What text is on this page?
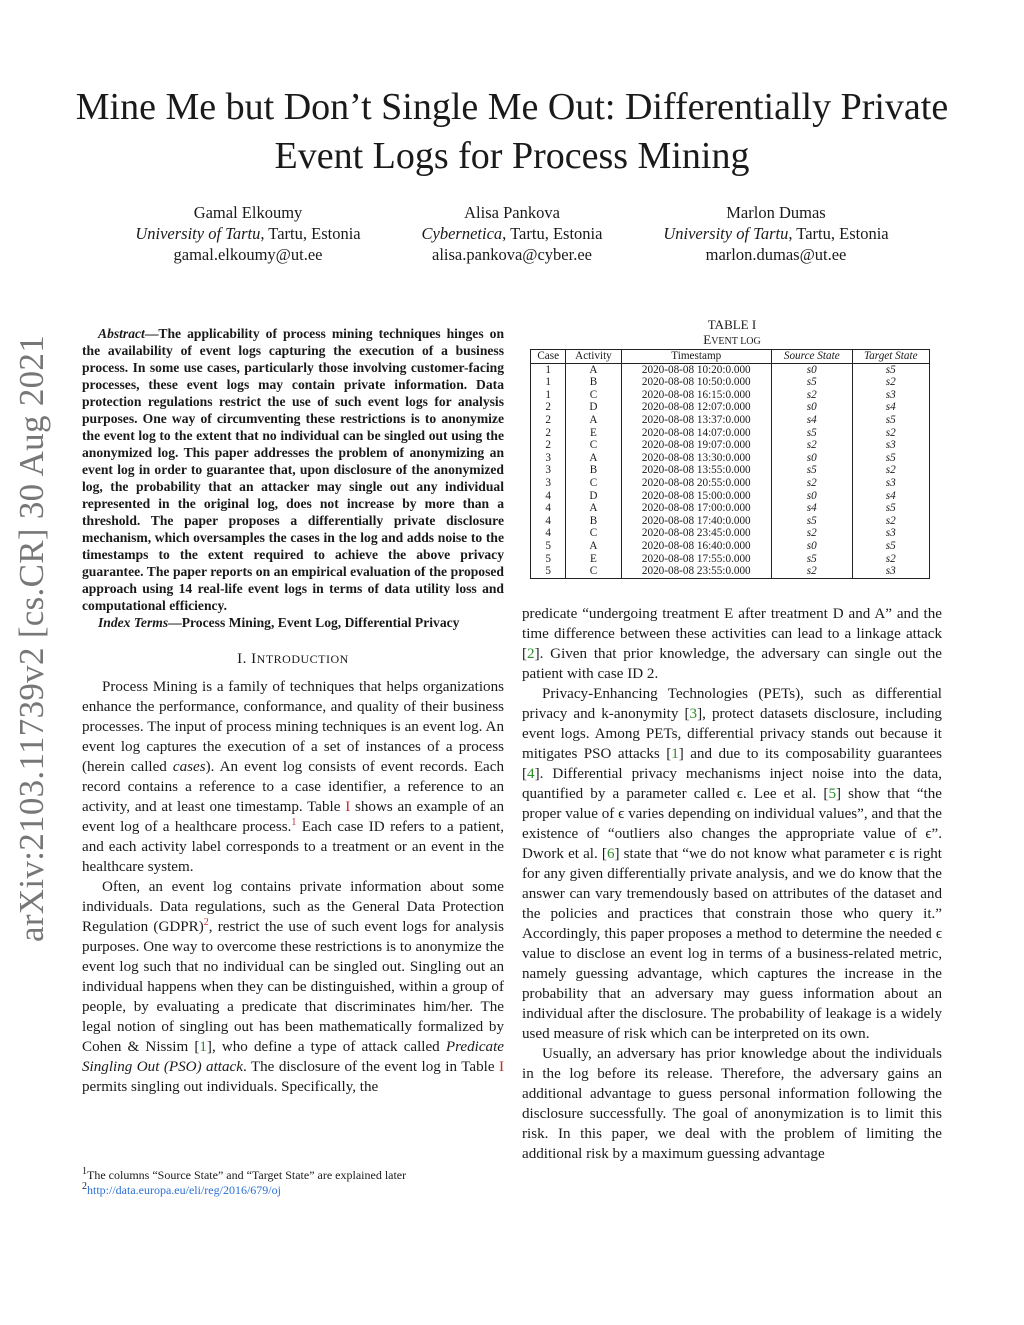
Mine Me but Don’t Single Me Out: Differentially Private Event Logs for Process Mining
Gamal Elkoumy
University of Tartu, Tartu, Estonia
gamal.elkoumy@ut.ee
Alisa Pankova
Cybernetica, Tartu, Estonia
alisa.pankova@cyber.ee
Marlon Dumas
University of Tartu, Tartu, Estonia
marlon.dumas@ut.ee
arXiv:2103.11739v2 [cs.CR] 30 Aug 2021

Abstract—The applicability of process mining techniques hinges on the availability of event logs capturing the execution of a business process. In some use cases, particularly those involving customer-facing processes, these event logs may contain private information. Data protection regulations restrict the use of such event logs for analysis purposes. One way of circumventing these restrictions is to anonymize the event log to the extent that no individual can be singled out using the anonymized log. This paper addresses the problem of anonymizing an event log in order to guarantee that, upon disclosure of the anonymized log, the probability that an attacker may single out any individual represented in the original log, does not increase by more than a threshold. The paper proposes a differentially private disclosure mechanism, which oversamples the cases in the log and adds noise to the timestamps to the extent required to achieve the above privacy guarantee. The paper reports on an empirical evaluation of the proposed approach using 14 real-life event logs in terms of data utility loss and computational efficiency.

Index Terms—Process Mining, Event Log, Differential Privacy

I. INTRODUCTION

Process Mining is a family of techniques that helps organizations enhance the performance, conformance, and quality of their business processes. The input of process mining techniques is an event log. An event log captures the execution of a set of instances of a process (herein called cases). An event log consists of event records. Each record contains a reference to a case identifier, a reference to an activity, and at least one timestamp. Table I shows an example of an event log of a healthcare process.$^1$ Each case ID refers to a patient, and each activity label corresponds to a treatment or an event in the healthcare system.

Often, an event log contains private information about some individuals. Data regulations, such as the General Data Protection Regulation (GDPR)$^2$, restrict the use of such event logs for analysis purposes. One way to overcome these restrictions is to anonymize the event log such that no individual can be singled out. Singling out an individual happens when they can be distinguished, within a group of people, by evaluating a predicate that discriminates him/her. The legal notion of singling out has been mathematically formalized by Cohen & Nissim [1], who define a type of attack called Predicate Singling Out (PSO) attack. The disclosure of the event log in Table I permits singling out individuals. Specifically, the

$^1$The columns “Source State” and “Target State” are explained later
$^2$http://data.europa.eu/eli/reg/2016/679/oj
TABLE I
EVENT LOG
Case	Activity	Timestamp	Source State	Target State
1	A	2020-08-08 10:20:0.000	s0	s5
1	B	2020-08-08 10:50:0.000	s5	s2
1	C	2020-08-08 16:15:0.000	s2	s3
2	D	2020-08-08 12:07:0.000	s0	s4
2	A	2020-08-08 13:37:0.000	s4	s5
2	E	2020-08-08 14:07:0.000	s5	s2
2	C	2020-08-08 19:07:0.000	s2	s3
3	A	2020-08-08 13:30:0.000	s0	s5
3	B	2020-08-08 13:55:0.000	s5	s2
3	C	2020-08-08 20:55:0.000	s2	s3
4	D	2020-08-08 15:00:0.000	s0	s4
4	A	2020-08-08 17:00:0.000	s4	s5
4	B	2020-08-08 17:40:0.000	s5	s2
4	C	2020-08-08 23:45:0.000	s2	s3
5	A	2020-08-08 16:40:0.000	s0	s5
5	E	2020-08-08 17:55:0.000	s5	s2
5	C	2020-08-08 23:55:0.000	s2	s3

predicate “undergoing treatment E after treatment D and A” and the time difference between these activities can lead to a linkage attack [2]. Given that prior knowledge, the adversary can single out the patient with case ID 2.

Privacy-Enhancing Technologies (PETs), such as differential privacy and k-anonymity [3], protect datasets disclosure, including event logs. Among PETs, differential privacy stands out because it mitigates PSO attacks [1] and due to its composability guarantees [4]. Differential privacy mechanisms inject noise into the data, quantified by a parameter called ϵ. Lee et al. [5] show that “the proper value of ϵ varies depending on individual values”, and that the existence of “outliers also changes the appropriate value of ϵ”. Dwork et al. [6] state that “we do not know what parameter ϵ is right for any given differentially private analysis, and we do know that the answer can vary tremendously based on attributes of the dataset and the policies and practices that constrain those who query it.” Accordingly, this paper proposes a method to determine the needed ϵ value to disclose an event log in terms of a business-related metric, namely guessing advantage, which captures the increase in the probability that an adversary may guess information about an individual after the disclosure. The probability of leakage is a widely used measure of risk which can be interpreted on its own.

Usually, an adversary has prior knowledge about the individuals in the log before its release. Therefore, the adversary gains an additional advantage to guess personal information following the disclosure successfully. The goal of anonymization is to limit this risk. In this paper, we deal with the problem of limiting the additional risk by a maximum guessing advantage
